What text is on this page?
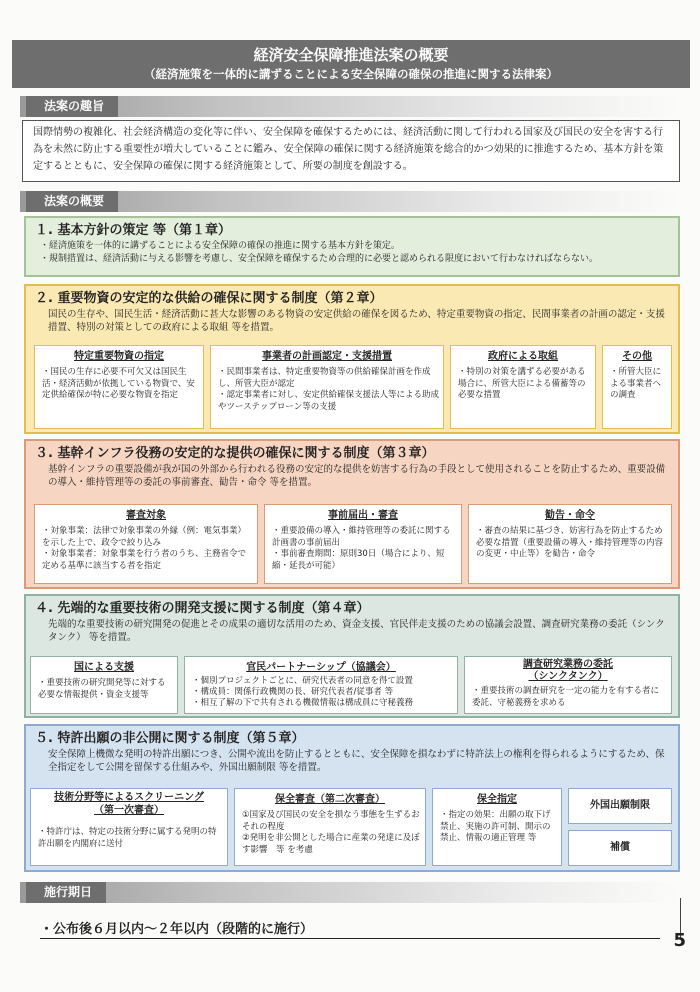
経済安全保障推進法案の概要
（経済施策を一体的に講ずることによる安全保障の確保の推進に関する法律案）
法案の趣旨
国際情勢の複雑化、社会経済構造の変化等に伴い、安全保障を確保するためには、経済活動に関して行われる国家及び国民の安全を害する行為を未然に防止する重要性が増大していることに鑑み、安全保障の確保に関する経済施策を総合的かつ効果的に推進するため、基本方針を策定するとともに、安全保障の確保に関する経済施策として、所要の制度を創設する。
法案の概要
１. 基本方針の策定 等（第１章）
・経済施策を一体的に講ずることによる安全保障の確保の推進に関する基本方針を策定。
・規制措置は、経済活動に与える影響を考慮し、安全保障を確保するため合理的に必要と認められる限度において行わなければならない。
２. 重要物資の安定的な供給の確保に関する制度（第２章）
国民の生存や、国民生活・経済活動に甚大な影響のある物資の安定供給の確保を図るため、特定重要物資の指定、民間事業者の計画の認定・支援措置、特別の対策としての政府による取組 等を措置。
特定重要物資の指定
・国民の生存に必要不可欠又は国民生活・経済活動が依拠している物資で、安定供給確保が特に必要な物資を指定
事業者の計画認定・支援措置
・民間事業者は、特定重要物資等の供給確保計画を作成し、所管大臣が認定
・認定事業者に対し、安定供給確保支援法人等による助成やツーステップローン等の支援
政府による取組
・特別の対策を講ずる必要がある場合に、所管大臣による備蓄等の必要な措置
その他
・所管大臣による事業者への調査
３. 基幹インフラ役務の安定的な提供の確保に関する制度（第３章）
基幹インフラの重要設備が我が国の外部から行われる役務の安定的な提供を妨害する行為の手段として使用されることを防止するため、重要設備の導入・維持管理等の委託の事前審査、勧告・命令 等を措置。
審査対象
・対象事業：法律で対象事業の外縁（例：電気事業）を示した上で、政令で絞り込み
・対象事業者：対象事業を行う者のうち、主務省令で定める基準に該当する者を指定
事前届出・審査
・重要設備の導入・維持管理等の委託に関する計画書の事前届出
・事前審査期間：原則30日（場合により、短縮・延長が可能）
勧告・命令
・審査の結果に基づき、妨害行為を防止するため必要な措置（重要設備の導入・維持管理等の内容の変更・中止等）を勧告・命令
４. 先端的な重要技術の開発支援に関する制度（第４章）
先端的な重要技術の研究開発の促進とその成果の適切な活用のため、資金支援、官民伴走支援のための協議会設置、調査研究業務の委託（シンクタンク） 等を措置。
国による支援
・重要技術の研究開発等に対する必要な情報提供・資金支援等
官民パートナーシップ（協議会）
・個別プロジェクトごとに、研究代表者の同意を得て設置
・構成員：関係行政機関の長、研究代表者/従事者 等
・相互了解の下で共有される機微情報は構成員に守秘義務
調査研究業務の委託
（シンクタンク）
・重要技術の調査研究を一定の能力を有する者に委託、守秘義務を求める
５. 特許出願の非公開に関する制度（第５章）
安全保障上機微な発明の特許出願につき、公開や流出を防止するとともに、安全保障を損なわずに特許法上の権利を得られるようにするため、保全指定をして公開を留保する仕組みや、外国出願制限 等を措置。
技術分野等によるスクリーニング
（第一次審査）
・特許庁は、特定の技術分野に属する発明の特許出願を内閣府に送付
保全審査（第二次審査）
①国家及び国民の安全を損なう事態を生ずるおそれの程度
②発明を非公開とした場合に産業の発達に及ぼす影響　等 を考慮
保全指定
・指定の効果：出願の取下げ禁止、実施の許可制、開示の禁止、情報の適正管理 等
外国出願制限
補償
施行期日
・公布後６月以内～２年以内（段階的に施行）
5
